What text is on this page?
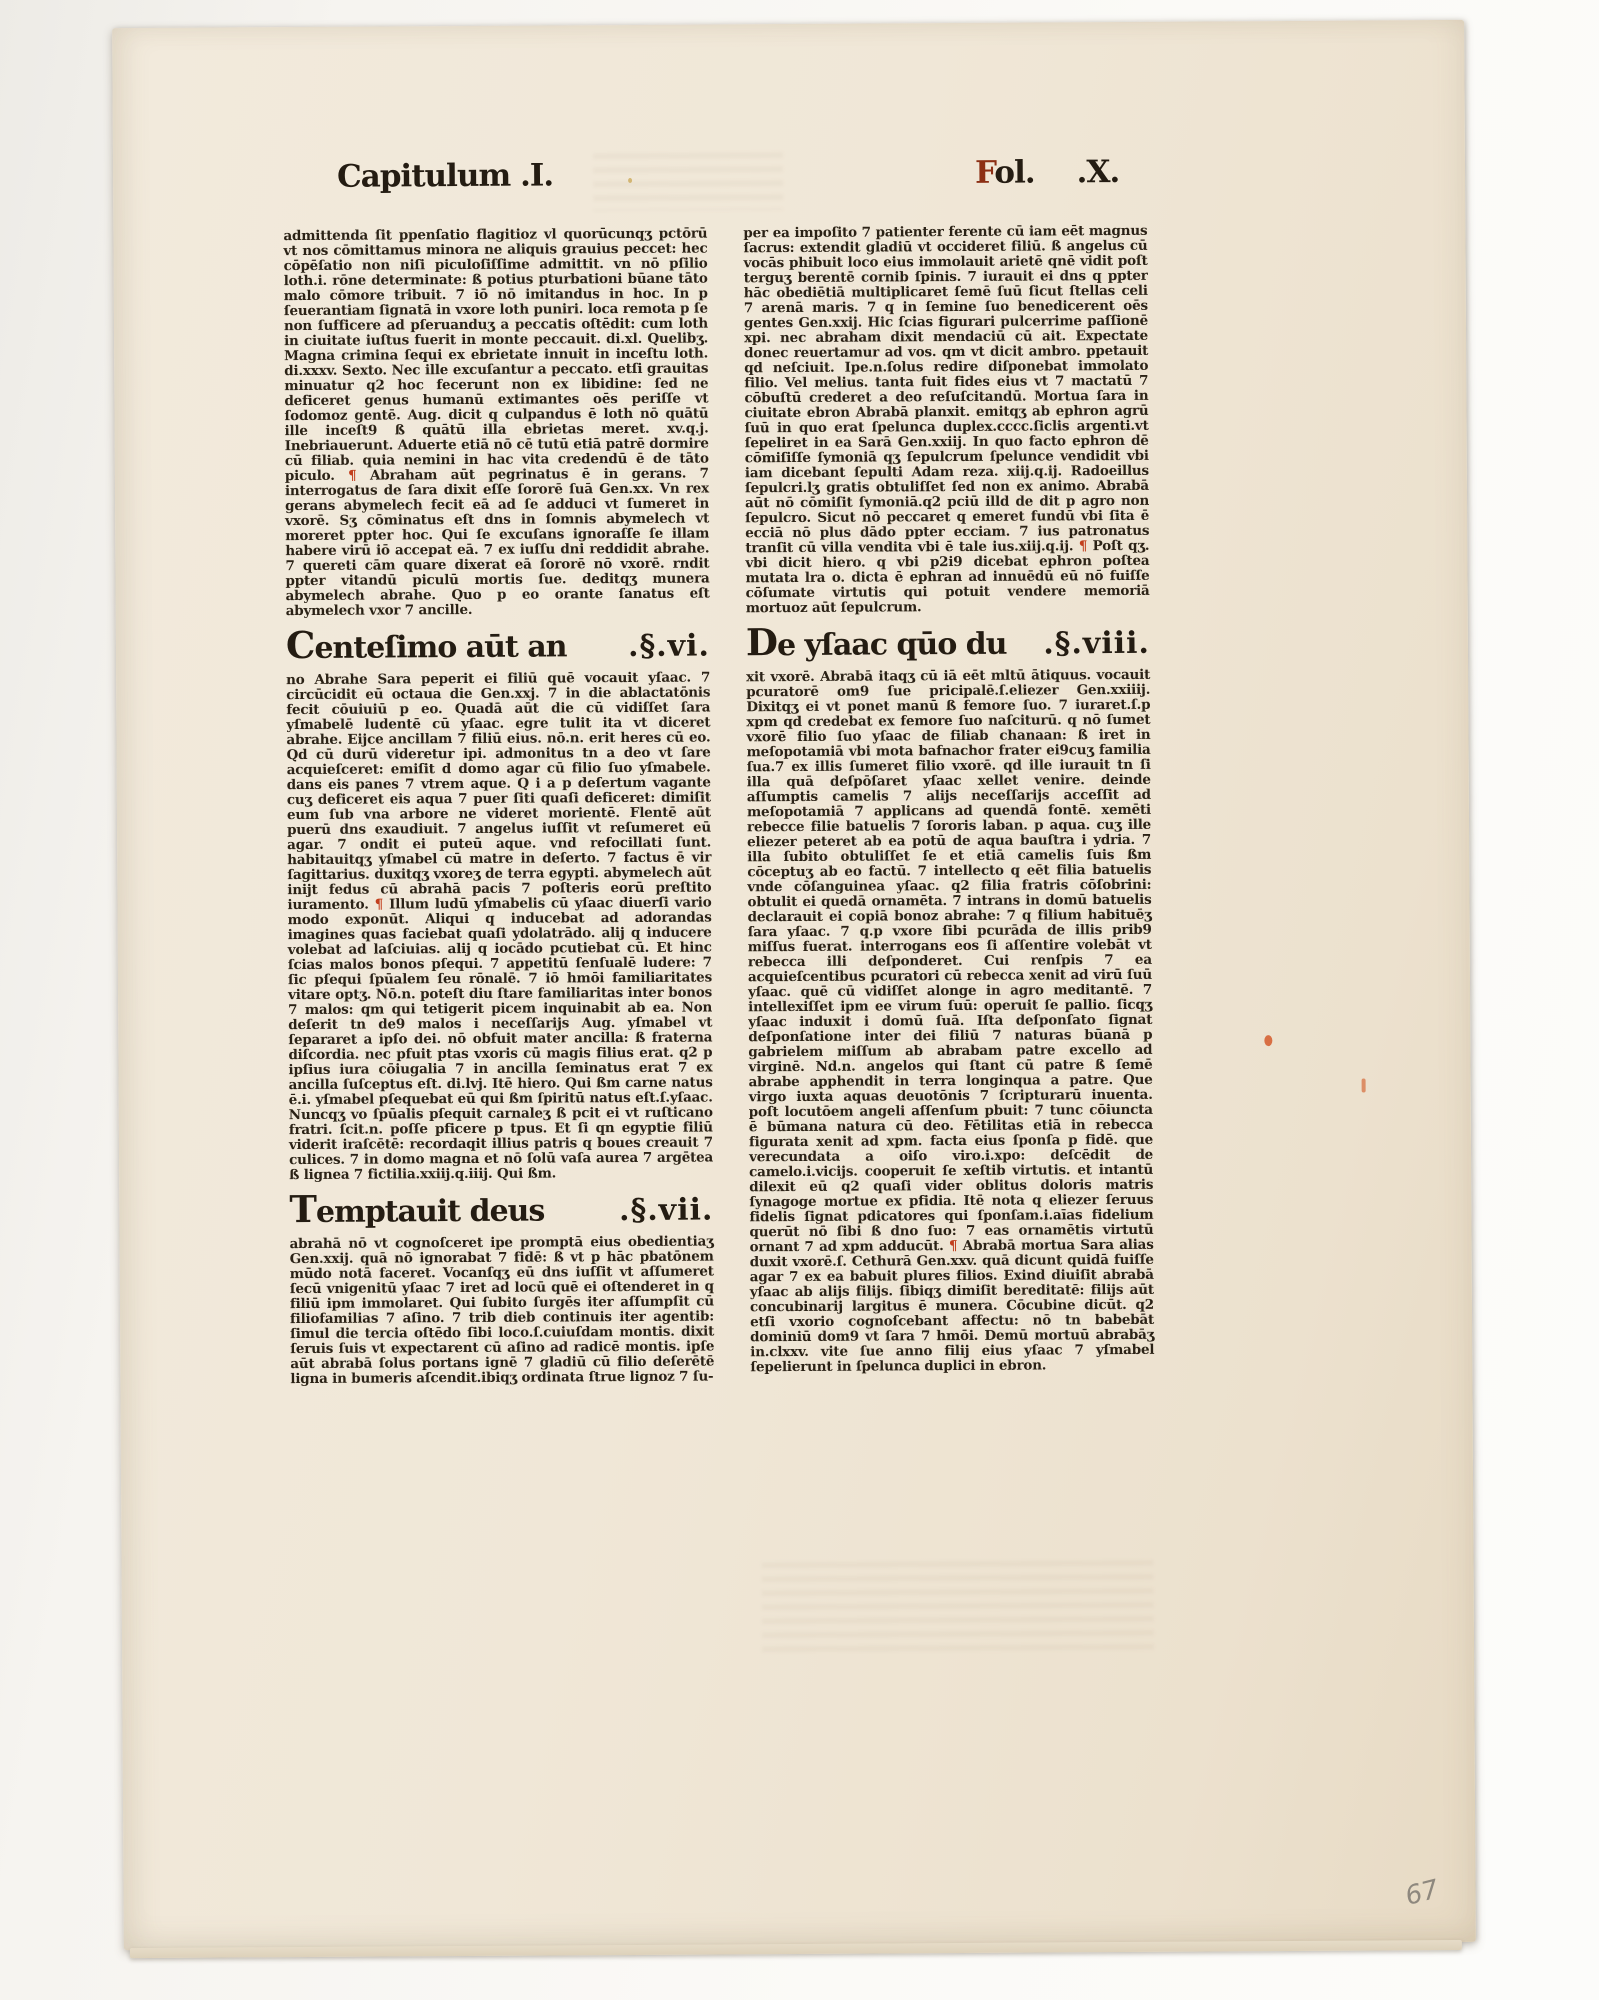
Capitulum .I.	Fol. .X.

admittenda ſit ppenſatio flagitioz vl quorūcunqʒ pctōrū vt nos cōmittamus minora ne aliquis grauius peccet: hec cōpēſatio non niſi piculoſiſſime admittit. vn nō pſilio loth.i. rōne determinate: ß potius pturbationi būane tāto malo cōmore tribuit. 7 iō nō imitandus in hoc. In p ſeuerantiam ſignatā in vxore loth puniri. loca remota p ſe non ſufficere ad pſeruanduʒ a peccatis oſtēdit: cum loth in ciuitate iuſtus fuerit in monte peccauit. di.xl. Quelibʒ. Magna crimina ſequi ex ebrietate innuit in inceſtu loth. di.xxxv. Sexto. Nec ille excuſantur a peccato. etſi grauitas minuatur q2 hoc fecerunt non ex libidine: ſed ne deficeret genus humanū extimantes oēs periſſe vt ſodomoz gentē. Aug. dicit q culpandus ē loth nō quātū ille inceſt9 ß quātū illa ebrietas meret. xv.q.j. Inebriauerunt. Aduerte etiā nō cē tutū etiā patrē dormire cū filiab. quia nemini in hac vita credendū ē de tāto piculo. ¶ Abraham aūt pegrinatus ē in gerans. 7 interrogatus de ſara dixit eſſe ſororē ſuā Gen.xx. Vn rex gerans abymelech fecit eā ad ſe adduci vt ſumeret in vxorē. Sʒ cōminatus eſt dns in ſomnis abymelech vt moreret ppter hoc. Qui ſe excuſans ignoraſſe ſe illam habere virū iō accepat eā. 7 ex iuſſu dni reddidit abrahe. 7 quereti cām quare dixerat eā ſororē nō vxorē. rndit ppter vitandū piculū mortis ſue. deditqʒ munera abymelech abrahe. Quo p eo orante ſanatus eſt abymelech vxor 7 ancille.

Centeſimo aūt an .§.vi.

no Abrahe Sara peperit ei filiū quē vocauit yſaac. 7 circūcidit eū octaua die Gen.xxj. 7 in die ablactatōnis fecit cōuiuiū p eo. Quadā aūt die cū vidiſſet ſara yſmabelē ludentē cū yſaac. egre tulit ita vt diceret abrahe. Eijce ancillam 7 filiū eius. nō.n. erit heres cū eo. Qd cū durū videretur ipi. admonitus tn a deo vt ſare acquieſceret: emiſit d domo agar cū filio ſuo yſmabele. dans eis panes 7 vtrem aque. Q i a p deſertum vagante cuʒ deficeret eis aqua 7 puer ſiti quaſi deficeret: dimiſit eum ſub vna arbore ne videret morientē. Flentē aūt puerū dns exaudiuit. 7 angelus iuſſit vt reſumeret eū agar. 7 ondit ei puteū aque. vnd refocillati ſunt. habitauitqʒ yſmabel cū matre in deſerto. 7 factus ē vir ſagittarius. duxitqʒ vxoreʒ de terra egypti. abymelech aūt inijt fedus cū abrahā pacis 7 poſteris eorū preſtito iuramento. ¶ Illum ludū yſmabelis cū yſaac diuerſi vario modo exponūt. Aliqui q inducebat ad adorandas imagines quas faciebat quaſi ydolatrādo. alij q inducere volebat ad laſciuias. alij q iocādo pcutiebat cū. Et hinc ſcias malos bonos pſequi. 7 appetitū ſenſualē ludere: 7 ſic pſequi ſpūalem ſeu rōnalē. 7 iō hmōi familiaritates vitare optʒ. Nō.n. poteſt diu ſtare familiaritas inter bonos 7 malos: qm qui tetigerit picem inquinabit ab ea. Non deſerit tn de9 malos i neceſſarijs Aug. yſmabel vt ſepararet a ipſo dei. nō obfuit mater ancilla: ß fraterna diſcordia. nec pfuit ptas vxoris cū magis filius erat. q2 p ipſius iura cōiugalia 7 in ancilla ſeminatus erat 7 ex ancilla ſuſceptus eſt. di.lvj. Itē hiero. Qui ßm carne natus ē.i. yſmabel pſequebat eū qui ßm ſpiritū natus eſt.ſ.yſaac. Nuncqʒ vo ſpūalis pſequit carnaleʒ ß pcit ei vt ruſticano fratri. ſcit.n. poſſe pficere p tpus. Et ſi qn egyptie filiū viderit iraſcētē: recordaqit illius patris q boues creauit 7 culices. 7 in domo magna et nō ſolū vaſa aurea 7 argētea ß lignea 7 fictilia.xxiij.q.iiij. Qui ßm.

Temptauit deus .§.vii.

abrahā nō vt cognoſceret ipe promptā eius obedientiaʒ Gen.xxij. quā nō ignorabat 7 fidē: ß vt p hāc pbatōnem mūdo notā faceret. Vocanſqʒ eū dns iuſſit vt aſſumeret ſecū vnigenitū yſaac 7 iret ad locū quē ei oſtenderet in q filiū ipm immolaret. Qui ſubito ſurgēs iter aſſumpſit cū filiofamilias 7 aſino. 7 trib dieb continuis iter agentib: ſimul die tercia oſtēdo ſibi loco.ſ.cuiuſdam montis. dixit ſeruis ſuis vt expectarent cū aſino ad radicē montis. ipſe aūt abrabā ſolus portans ignē 7 gladiū cū filio deſerētē ligna in bumeris aſcendit.ibiqʒ ordinata ſtrue lignoz 7 ſu-

per ea impoſito 7 patienter ferente cū iam eēt magnus ſacrus: extendit gladiū vt occideret filiū. ß angelus cū vocās phibuit loco eius immolauit arietē qnē vidit poſt terguʒ berentē cornib ſpinis. 7 iurauit ei dns q ppter hāc obediētiā multiplicaret ſemē ſuū ſicut ſtellas celi 7 arenā maris. 7 q in ſemine ſuo benedicerent oēs gentes Gen.xxij. Hic ſcias figurari pulcerrime paſſionē xpi. nec abraham dixit mendaciū cū ait. Expectate donec reuertamur ad vos. qm vt dicit ambro. ppetauit qd neſciuit. Ipe.n.ſolus redire diſponebat immolato filio. Vel melius. tanta fuit fides eius vt 7 mactatū 7 cōbuſtū crederet a deo reſuſcitandū. Mortua ſara in ciuitate ebron Abrabā planxit. emitqʒ ab ephron agrū ſuū in quo erat ſpelunca duplex.cccc.ſiclis argenti.vt ſepeliret in ea Sarā Gen.xxiij. In quo facto ephron dē cōmiſiſſe ſymoniā qʒ ſepulcrum ſpelunce vendidit vbi iam dicebant ſepulti Adam reza. xiij.q.ij. Radoeillus ſepulcri.lʒ gratis obtuliſſet ſed non ex animo. Abrabā aūt nō cōmiſit ſymoniā.q2 pciū illd de dit p agro non ſepulcro. Sicut nō peccaret q emeret fundū vbi ſita ē ecciā nō plus dādo ppter ecciam. 7 ius patronatus tranſit cū villa vendita vbi ē tale ius.xiij.q.ij. ¶ Poſt qʒ. vbi dicit hiero. q vbi p2i9 dicebat ephron poſtea mutata lra o. dicta ē ephran ad innuēdū eū nō fuiſſe cōſumate virtutis qui potuit vendere memoriā mortuoz aūt ſepulcrum.

De yſaac qūo du .§.viii.

xit vxorē. Abrabā itaqʒ cū iā eēt mltū ātiquus. vocauit pcuratorē om9 ſue pricipalē.ſ.eliezer Gen.xxiiij. Dixitqʒ ei vt ponet manū ß femore ſuo. 7 iuraret.ſ.p xpm qd credebat ex femore ſuo naſciturū. q nō ſumet vxorē filio ſuo yſaac de filiab chanaan: ß iret in meſopotamiā vbi mota bafnachor frater ei9cuʒ familia ſua.7 ex illis ſumeret filio vxorē. qd ille iurauit tn ſi illa quā deſpōſaret yſaac xellet venire. deinde aſſumptis camelis 7 alijs neceſſarijs acceſſit ad meſopotamiā 7 applicans ad quendā fontē. xemēti rebecce filie batuelis 7 ſororis laban. p aqua. cuʒ ille eliezer peteret ab ea potū de aqua bauſtra i ydria. 7 illa ſubito obtuliſſet ſe et etiā camelis ſuis ßm cōceptuʒ ab eo factū. 7 intellecto q eēt filia batuelis vnde cōſanguinea yſaac. q2 filia fratris cōſobrini: obtulit ei quedā ornamēta. 7 intrans in domū batuelis declarauit ei copiā bonoz abrahe: 7 q filium habituēʒ ſara yſaac. 7 q.p vxore ſibi pcurāda de illis prib9 miſſus fuerat. interrogans eos ſi aſſentire volebāt vt rebecca illi deſponderet. Cui renſpis 7 ea acquieſcentibus pcuratori cū rebecca xenit ad virū ſuū yſaac. quē cū vidiſſet alonge in agro meditantē. 7 intellexiſſet ipm ee virum ſuū: operuit ſe pallio. ſicqʒ yſaac induxit i domū ſuā. Iſta deſponſato ſignat deſponſatione inter dei filiū 7 naturas būanā p gabrielem miſſum ab abrabam patre excello ad virginē. Nd.n. angelos qui ſtant cū patre ß ſemē abrabe apphendit in terra longinqua a patre. Que virgo iuxta aquas deuotōnis 7 ſcripturarū inuenta. poſt locutōem angeli aſſenſum pbuit: 7 tunc cōiuncta ē būmana natura cū deo. Fētilitas etiā in rebecca figurata xenit ad xpm. facta eius ſponſa p fidē. que verecundata a oiſo viro.i.xpo: deſcēdit de camelo.i.vicijs. cooperuit ſe xeſtib virtutis. et intantū dilexit eū q2 quaſi vider oblitus doloris matris ſynagoge mortue ex pfidia. Itē nota q eliezer ſeruus fidelis ſignat pdicatores qui ſponſam.i.aīas fidelium querūt nō ſibi ß dno ſuo: 7 eas ornamētis virtutū ornant 7 ad xpm adducūt. ¶ Abrabā mortua Sara alias duxit vxorē.ſ. Cethurā Gen.xxv. quā dicunt quidā fuiſſe agar 7 ex ea babuit plures filios. Exind diuiſit abrabā yſaac ab alijs filijs. ſibiqʒ dimiſit bereditatē: filijs aūt concubinarij largitus ē munera. Cōcubine dicūt. q2 etſi vxorio cognoſcebant affectu: nō tn babebāt dominiū dom9 vt ſara 7 hmōi. Demū mortuū abrabāʒ in.clxxv. vite ſue anno filij eius yſaac 7 yſmabel ſepelierunt in ſpelunca duplici in ebron.

67
